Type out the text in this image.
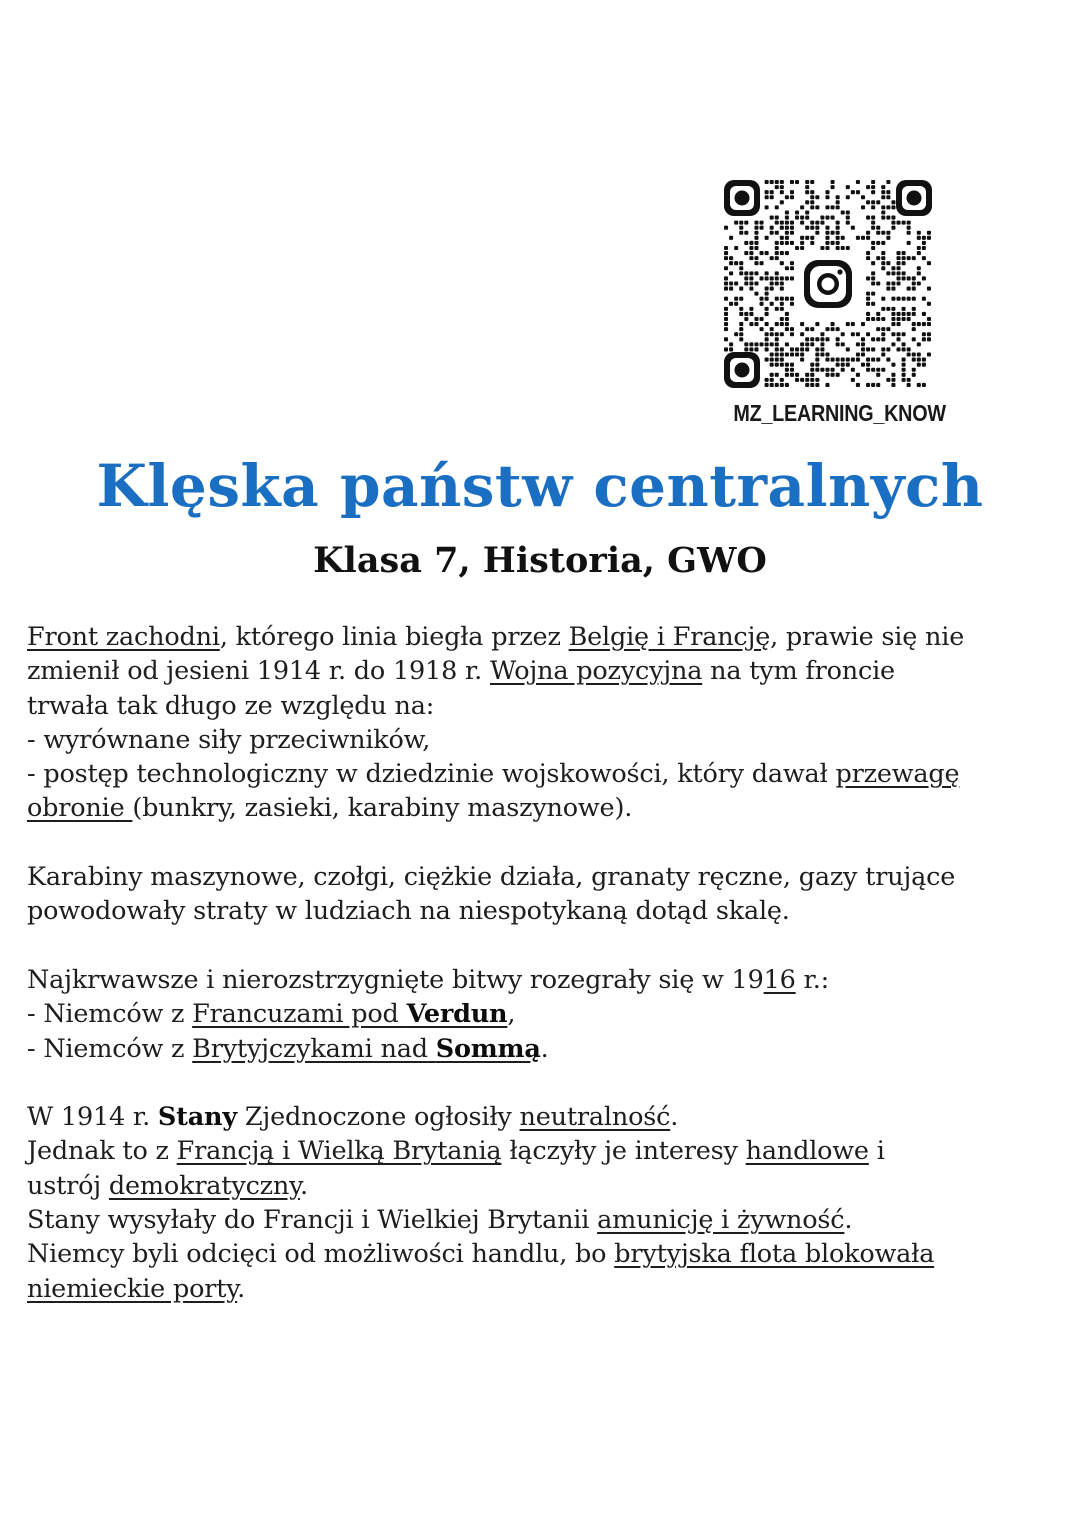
MZ_LEARNING_KNOW
Klęska państw centralnych
Klasa 7, Historia, GWO
Front zachodni, którego linia biegła przez Belgię i Francję, prawie się nie
zmienił od jesieni 1914 r. do 1918 r. Wojna pozycyjna na tym froncie
trwała tak długo ze względu na:
- wyrównane siły przeciwników,
- postęp technologiczny w dziedzinie wojskowości, który dawał przewagę
obronie (bunkry, zasieki, karabiny maszynowe).
Karabiny maszynowe, czołgi, ciężkie działa, granaty ręczne, gazy trujące
powodowały straty w ludziach na niespotykaną dotąd skalę.
Najkrwawsze i nierozstrzygnięte bitwy rozegrały się w 1916 r.:
- Niemców z Francuzami pod Verdun,
- Niemców z Brytyjczykami nad Sommą.
W 1914 r. Stany Zjednoczone ogłosiły neutralność.
Jednak to z Francją i Wielką Brytanią łączyły je interesy handlowe i
ustrój demokratyczny.
Stany wysyłały do Francji i Wielkiej Brytanii amunicję i żywność.
Niemcy byli odcięci od możliwości handlu, bo brytyjska flota blokowała
niemieckie porty.
